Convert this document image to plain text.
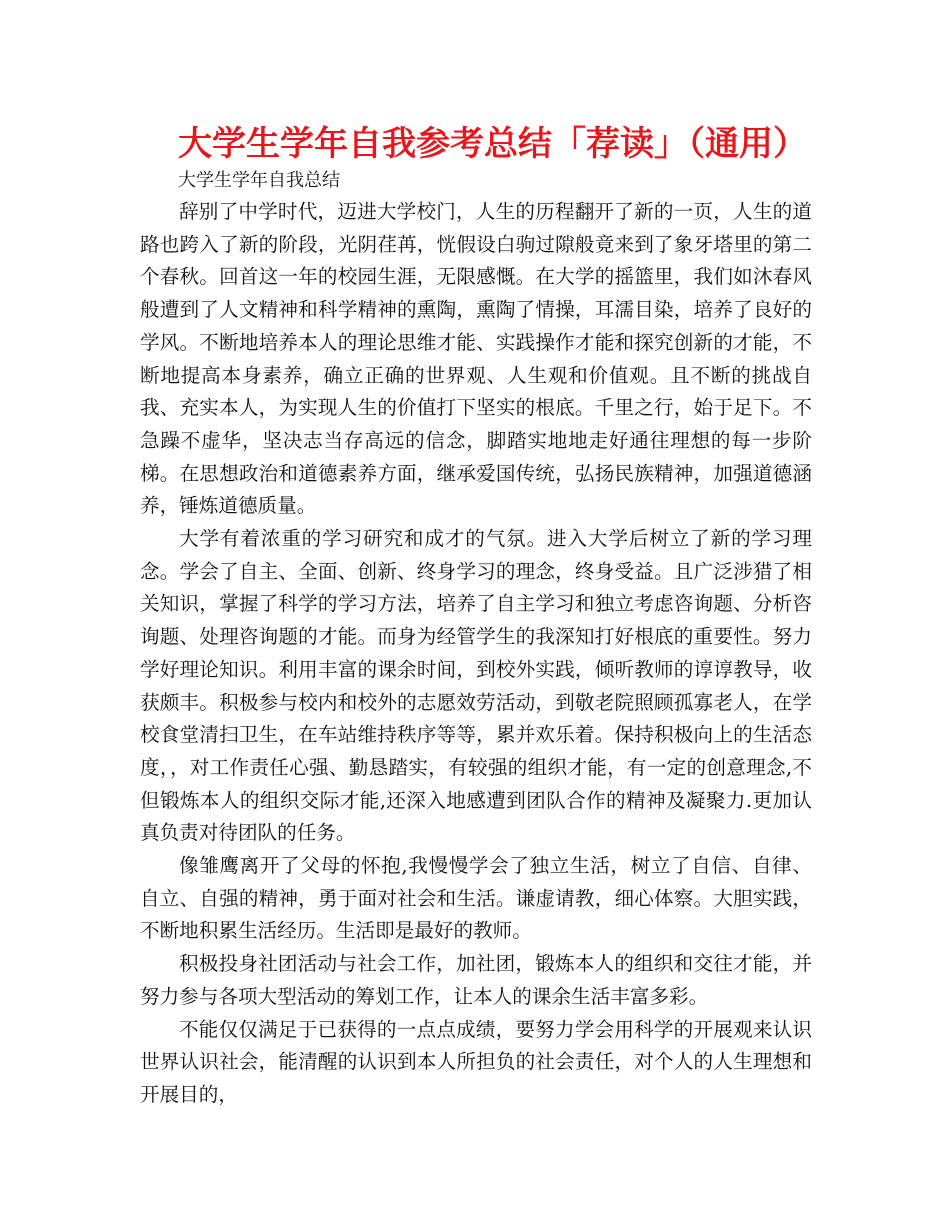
大学生学年自我参考总结「荐读」（通用）

大学生学年自我总结

辞别了中学时代，迈进大学校门，人生的历程翻开了新的一页，人生的道路也跨入了新的阶段，光阴荏苒，恍假设白驹过隙般竟来到了象牙塔里的第二个春秋。回首这一年的校园生涯，无限感慨。在大学的摇篮里，我们如沐春风般遭到了人文精神和科学精神的熏陶，熏陶了情操，耳濡目染，培养了良好的学风。不断地培养本人的理论思维才能、实践操作才能和探究创新的才能，不断地提高本身素养，确立正确的世界观、人生观和价值观。且不断的挑战自我、充实本人，为实现人生的价值打下坚实的根底。千里之行，始于足下。不急躁不虚华，坚决志当存高远的信念，脚踏实地地走好通往理想的每一步阶梯。在思想政治和道德素养方面，继承爱国传统，弘扬民族精神，加强道德涵养，锤炼道德质量。

大学有着浓重的学习研究和成才的气氛。进入大学后树立了新的学习理念。学会了自主、全面、创新、终身学习的理念，终身受益。且广泛涉猎了相关知识，掌握了科学的学习方法，培养了自主学习和独立考虑咨询题、分析咨询题、处理咨询题的才能。而身为经管学生的我深知打好根底的重要性。努力学好理论知识。利用丰富的课余时间，到校外实践，倾听教师的谆谆教导，收获颇丰。积极参与校内和校外的志愿效劳活动，到敬老院照顾孤寡老人，在学校食堂清扫卫生，在车站维持秩序等等，累并欢乐着。保持积极向上的生活态度，，对工作责任心强、勤恳踏实，有较强的组织才能，有一定的创意理念,不但锻炼本人的组织交际才能,还深入地感遭到团队合作的精神及凝聚力.更加认真负责对待团队的任务。

像雏鹰离开了父母的怀抱,我慢慢学会了独立生活，树立了自信、自律、自立、自强的精神，勇于面对社会和生活。谦虚请教，细心体察。大胆实践，不断地积累生活经历。生活即是最好的教师。

积极投身社团活动与社会工作，加社团，锻炼本人的组织和交往才能，并努力参与各项大型活动的筹划工作，让本人的课余生活丰富多彩。

不能仅仅满足于已获得的一点点成绩，要努力学会用科学的开展观来认识世界认识社会，能清醒的认识到本人所担负的社会责任，对个人的人生理想和开展目的，
